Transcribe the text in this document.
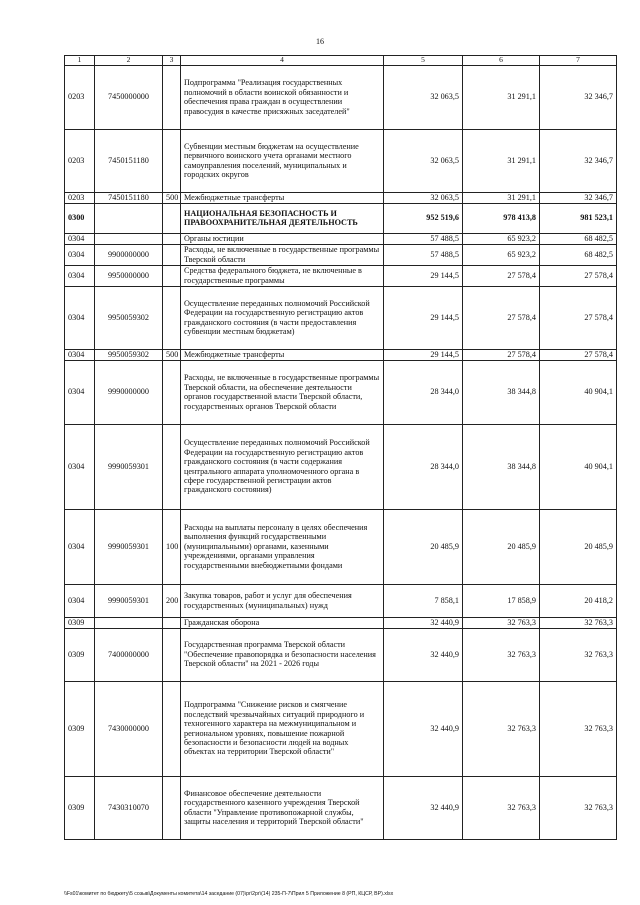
16
1	2	3	4	5	6	7
0203	7450000000		Подпрограмма "Реализация государственных полномочий в области воинской обязанности и обеспечения права граждан в осуществлении правосудия в качестве присяжных заседателей"	32 063,5	31 291,1	32 346,7
0203	7450151180		Субвенции местным бюджетам на осуществление первичного воинского учета органами местного самоуправления поселений, муниципальных и городских округов	32 063,5	31 291,1	32 346,7
0203	7450151180	500	Межбюджетные трансферты	32 063,5	31 291,1	32 346,7
0300			НАЦИОНАЛЬНАЯ БЕЗОПАСНОСТЬ И ПРАВООХРАНИТЕЛЬНАЯ ДЕЯТЕЛЬНОСТЬ	952 519,6	978 413,8	981 523,1
0304			Органы юстиции	57 488,5	65 923,2	68 482,5
0304	9900000000		Расходы, не включенные в государственные программы Тверской области	57 488,5	65 923,2	68 482,5
0304	9950000000		Средства федерального бюджета, не включенные в государственные программы	29 144,5	27 578,4	27 578,4
0304	9950059302		Осуществление переданных полномочий Российской Федерации на государственную регистрацию актов гражданского состояния (в части предоставления субвенции местным бюджетам)	29 144,5	27 578,4	27 578,4
0304	9950059302	500	Межбюджетные трансферты	29 144,5	27 578,4	27 578,4
0304	9990000000		Расходы, не включенные в государственные программы Тверской области, на обеспечение деятельности органов государственной власти Тверской области, государственных органов Тверской области	28 344,0	38 344,8	40 904,1
0304	9990059301		Осуществление переданных полномочий Российской Федерации на государственную регистрацию актов гражданского состояния (в части содержания центрального аппарата уполномоченного органа в сфере государственной регистрации актов гражданского состояния)	28 344,0	38 344,8	40 904,1
0304	9990059301	100	Расходы на выплаты персоналу в целях обеспечения выполнения функций государственными (муниципальными) органами, казенными учреждениями, органами управления государственными внебюджетными фондами	20 485,9	20 485,9	20 485,9
0304	9990059301	200	Закупка товаров, работ и услуг для обеспечения государственных (муниципальных) нужд	7 858,1	17 858,9	20 418,2
0309			Гражданская оборона	32 440,9	32 763,3	32 763,3
0309	7400000000		Государственная программа Тверской области "Обеспечение правопорядка и безопасности населения Тверской области" на 2021 - 2026 годы	32 440,9	32 763,3	32 763,3
0309	7430000000		Подпрограмма "Снижение рисков и смягчение последствий чрезвычайных ситуаций природного и техногенного характера на межмуниципальном и региональном уровнях, повышение пожарной безопасности и безопасности людей на водных объектах на территории Тверской области"	32 440,9	32 763,3	32 763,3
0309	7430310070		Финансовое обеспечение деятельности государственного казенного учреждения Тверской области "Управление противопожарной службы, защиты населения и территорий Тверской области"	32 440,9	32 763,3	32 763,3
\\Fs01\комитет по бюджету\5 созыв\Документы комитета\14 заседание (07)\pr\2pr\(14) 235-П-7\Прил 5 Приложение 8 (РП, КЦСР, ВР).xlsx
